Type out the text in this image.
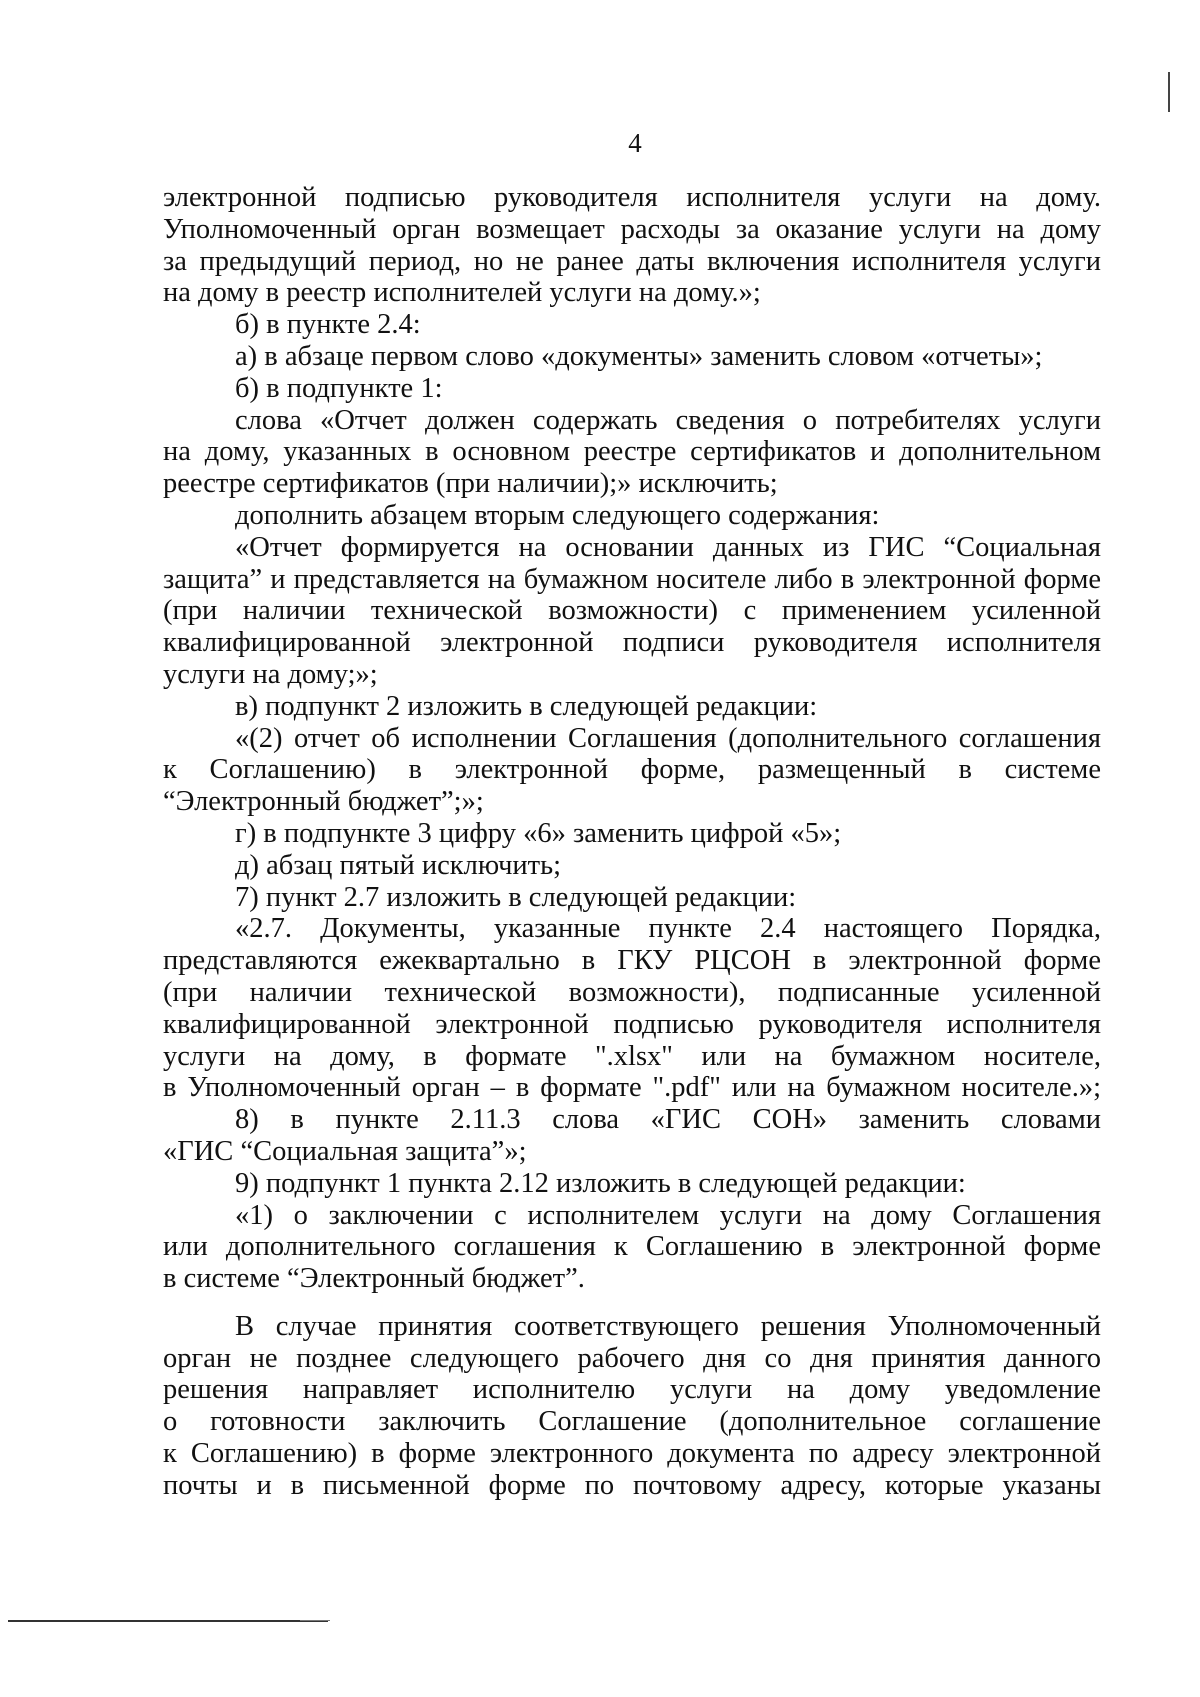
4

электронной подписью руководителя исполнителя услуги на дому.

Уполномоченный орган возмещает расходы за оказание услуги на дому

за предыдущий период, но не ранее даты включения исполнителя услуги

на дому в реестр исполнителей услуги на дому.»;

б) в пункте 2.4:

а) в абзаце первом слово «документы» заменить словом «отчеты»;

б) в подпункте 1:

слова «Отчет должен содержать сведения о потребителях услуги

на дому, указанных в основном реестре сертификатов и дополнительном

реестре сертификатов (при наличии);» исключить;

дополнить абзацем вторым следующего содержания:

«Отчет формируется на основании данных из ГИС “Социальная

защита” и представляется на бумажном носителе либо в электронной форме

(при наличии технической возможности) с применением усиленной

квалифицированной электронной подписи руководителя исполнителя

услуги на дому;»;

в) подпункт 2 изложить в следующей редакции:

«(2) отчет об исполнении Соглашения (дополнительного соглашения

к Соглашению) в электронной форме, размещенный в системе

“Электронный бюджет”;»;

г) в подпункте 3 цифру «6» заменить цифрой «5»;

д) абзац пятый исключить;

7) пункт 2.7 изложить в следующей редакции:

«2.7. Документы, указанные пункте 2.4 настоящего Порядка,

представляются ежеквартально в ГКУ РЦСОН в электронной форме

(при наличии технической возможности), подписанные усиленной

квалифицированной электронной подписью руководителя исполнителя

услуги на дому, в формате ".xlsx" или на бумажном носителе,

в Уполномоченный орган – в формате ".pdf" или на бумажном носителе.»;

8) в пункте 2.11.3 слова «ГИС СОН» заменить словами

«ГИС “Социальная защита”»;

9) подпункт 1 пункта 2.12 изложить в следующей редакции:

«1) о заключении с исполнителем услуги на дому Соглашения

или дополнительного соглашения к Соглашению в электронной форме

в системе “Электронный бюджет”.

В случае принятия соответствующего решения Уполномоченный

орган не позднее следующего рабочего дня со дня принятия данного

решения направляет исполнителю услуги на дому уведомление

о готовности заключить Соглашение (дополнительное соглашение

к Соглашению) в форме электронного документа по адресу электронной

почты и в письменной форме по почтовому адресу, которые указаны
